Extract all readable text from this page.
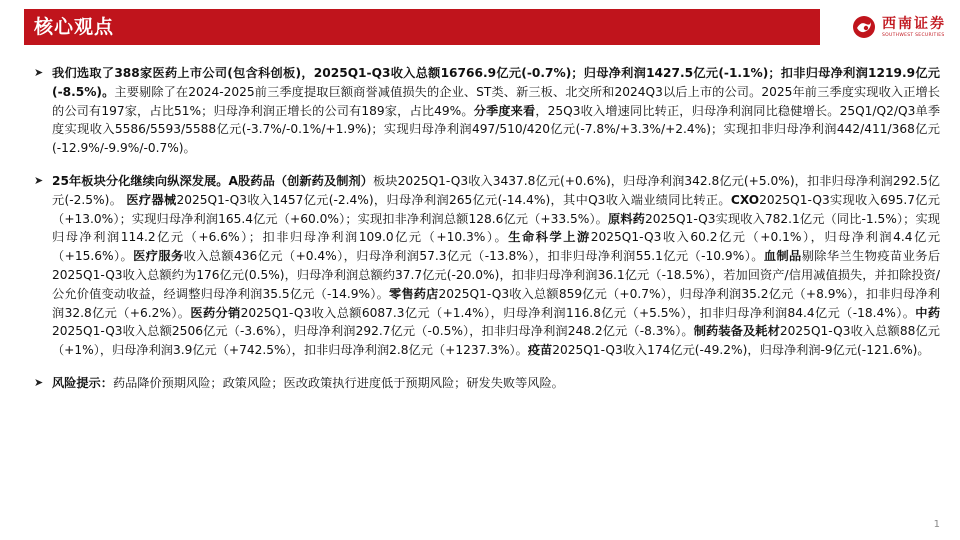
核心观点	西南证券
SOUTHWEST SECURITIES
➤ 我们选取了388家医药上市公司(包含科创板)，2025Q1-Q3收入总额16766.9亿元(-0.7%)；归母净利润1427.5亿元(-1.1%)；扣非归母净利润1219.9亿元(-8.5%)。主要剔除了在2024-2025前三季度提取巨额商誉减值损失的企业、ST类、新三板、北交所和2024Q3以后上市的公司。2025年前三季度实现收入正增长的公司有197家，占比51%；归母净利润正增长的公司有189家，占比49%。分季度来看，25Q3收入增速同比转正，归母净利润同比稳健增长。25Q1/Q2/Q3单季度实现收入5586/5593/5588亿元(-3.7%/-0.1%/+1.9%)；实现归母净利润497/510/420亿元(-7.8%/+3.3%/+2.4%)；实现扣非归母净利润442/411/368亿元(-12.9%/-9.9%/-0.7%)。
➤ 25年板块分化继续向纵深发展。A股药品（创新药及制剂）板块2025Q1-Q3收入3437.8亿元(+0.6%)，归母净利润342.8亿元(+5.0%)，扣非归母净利润292.5亿元(-2.5%)。 医疗器械2025Q1-Q3收入1457亿元(-2.4%)，归母净利润265亿元(-14.4%)，其中Q3收入端业绩同比转正。CXO2025Q1-Q3实现收入695.7亿元（+13.0%）；实现归母净利润165.4亿元（+60.0%）；实现扣非净利润总额128.6亿元（+33.5%）。原料药2025Q1-Q3实现收入782.1亿元（同比-1.5%）；实现归母净利润114.2亿元（+6.6%）；扣非归母净利润109.0亿元（+10.3%）。生命科学上游2025Q1-Q3收入60.2亿元（+0.1%），归母净利润4.4亿元（+15.6%）。医疗服务收入总额436亿元（+0.4%），归母净利润57.3亿元（-13.8%），扣非归母净利润55.1亿元（-10.9%）。血制品剔除华兰生物疫苗业务后2025Q1-Q3收入总额约为176亿元(0.5%)，归母净利润总额约37.7亿元(-20.0%)，扣非归母净利润36.1亿元（-18.5%），若加回资产/信用减值损失，并扣除投资/公允价值变动收益，经调整归母净利润35.5亿元（-14.9%）。零售药店2025Q1-Q3收入总额859亿元（+0.7%），归母净利润35.2亿元（+8.9%），扣非归母净利润32.8亿元（+6.2%）。医药分销2025Q1-Q3收入总额6087.3亿元（+1.4%），归母净利润116.8亿元（+5.5%），扣非归母净利润84.4亿元（-18.4%）。中药2025Q1-Q3收入总额2506亿元（-3.6%），归母净利润292.7亿元（-0.5%），扣非归母净利润248.2亿元（-8.3%）。制药装备及耗材2025Q1-Q3收入总额88亿元（+1%），归母净利润3.9亿元（+742.5%），扣非归母净利润2.8亿元（+1237.3%）。疫苗2025Q1-Q3收入174亿元(-49.2%)，归母净利润-9亿元(-121.6%)。
➤ 风险提示：药品降价预期风险；政策风险；医改政策执行进度低于预期风险；研发失败等风险。
1
